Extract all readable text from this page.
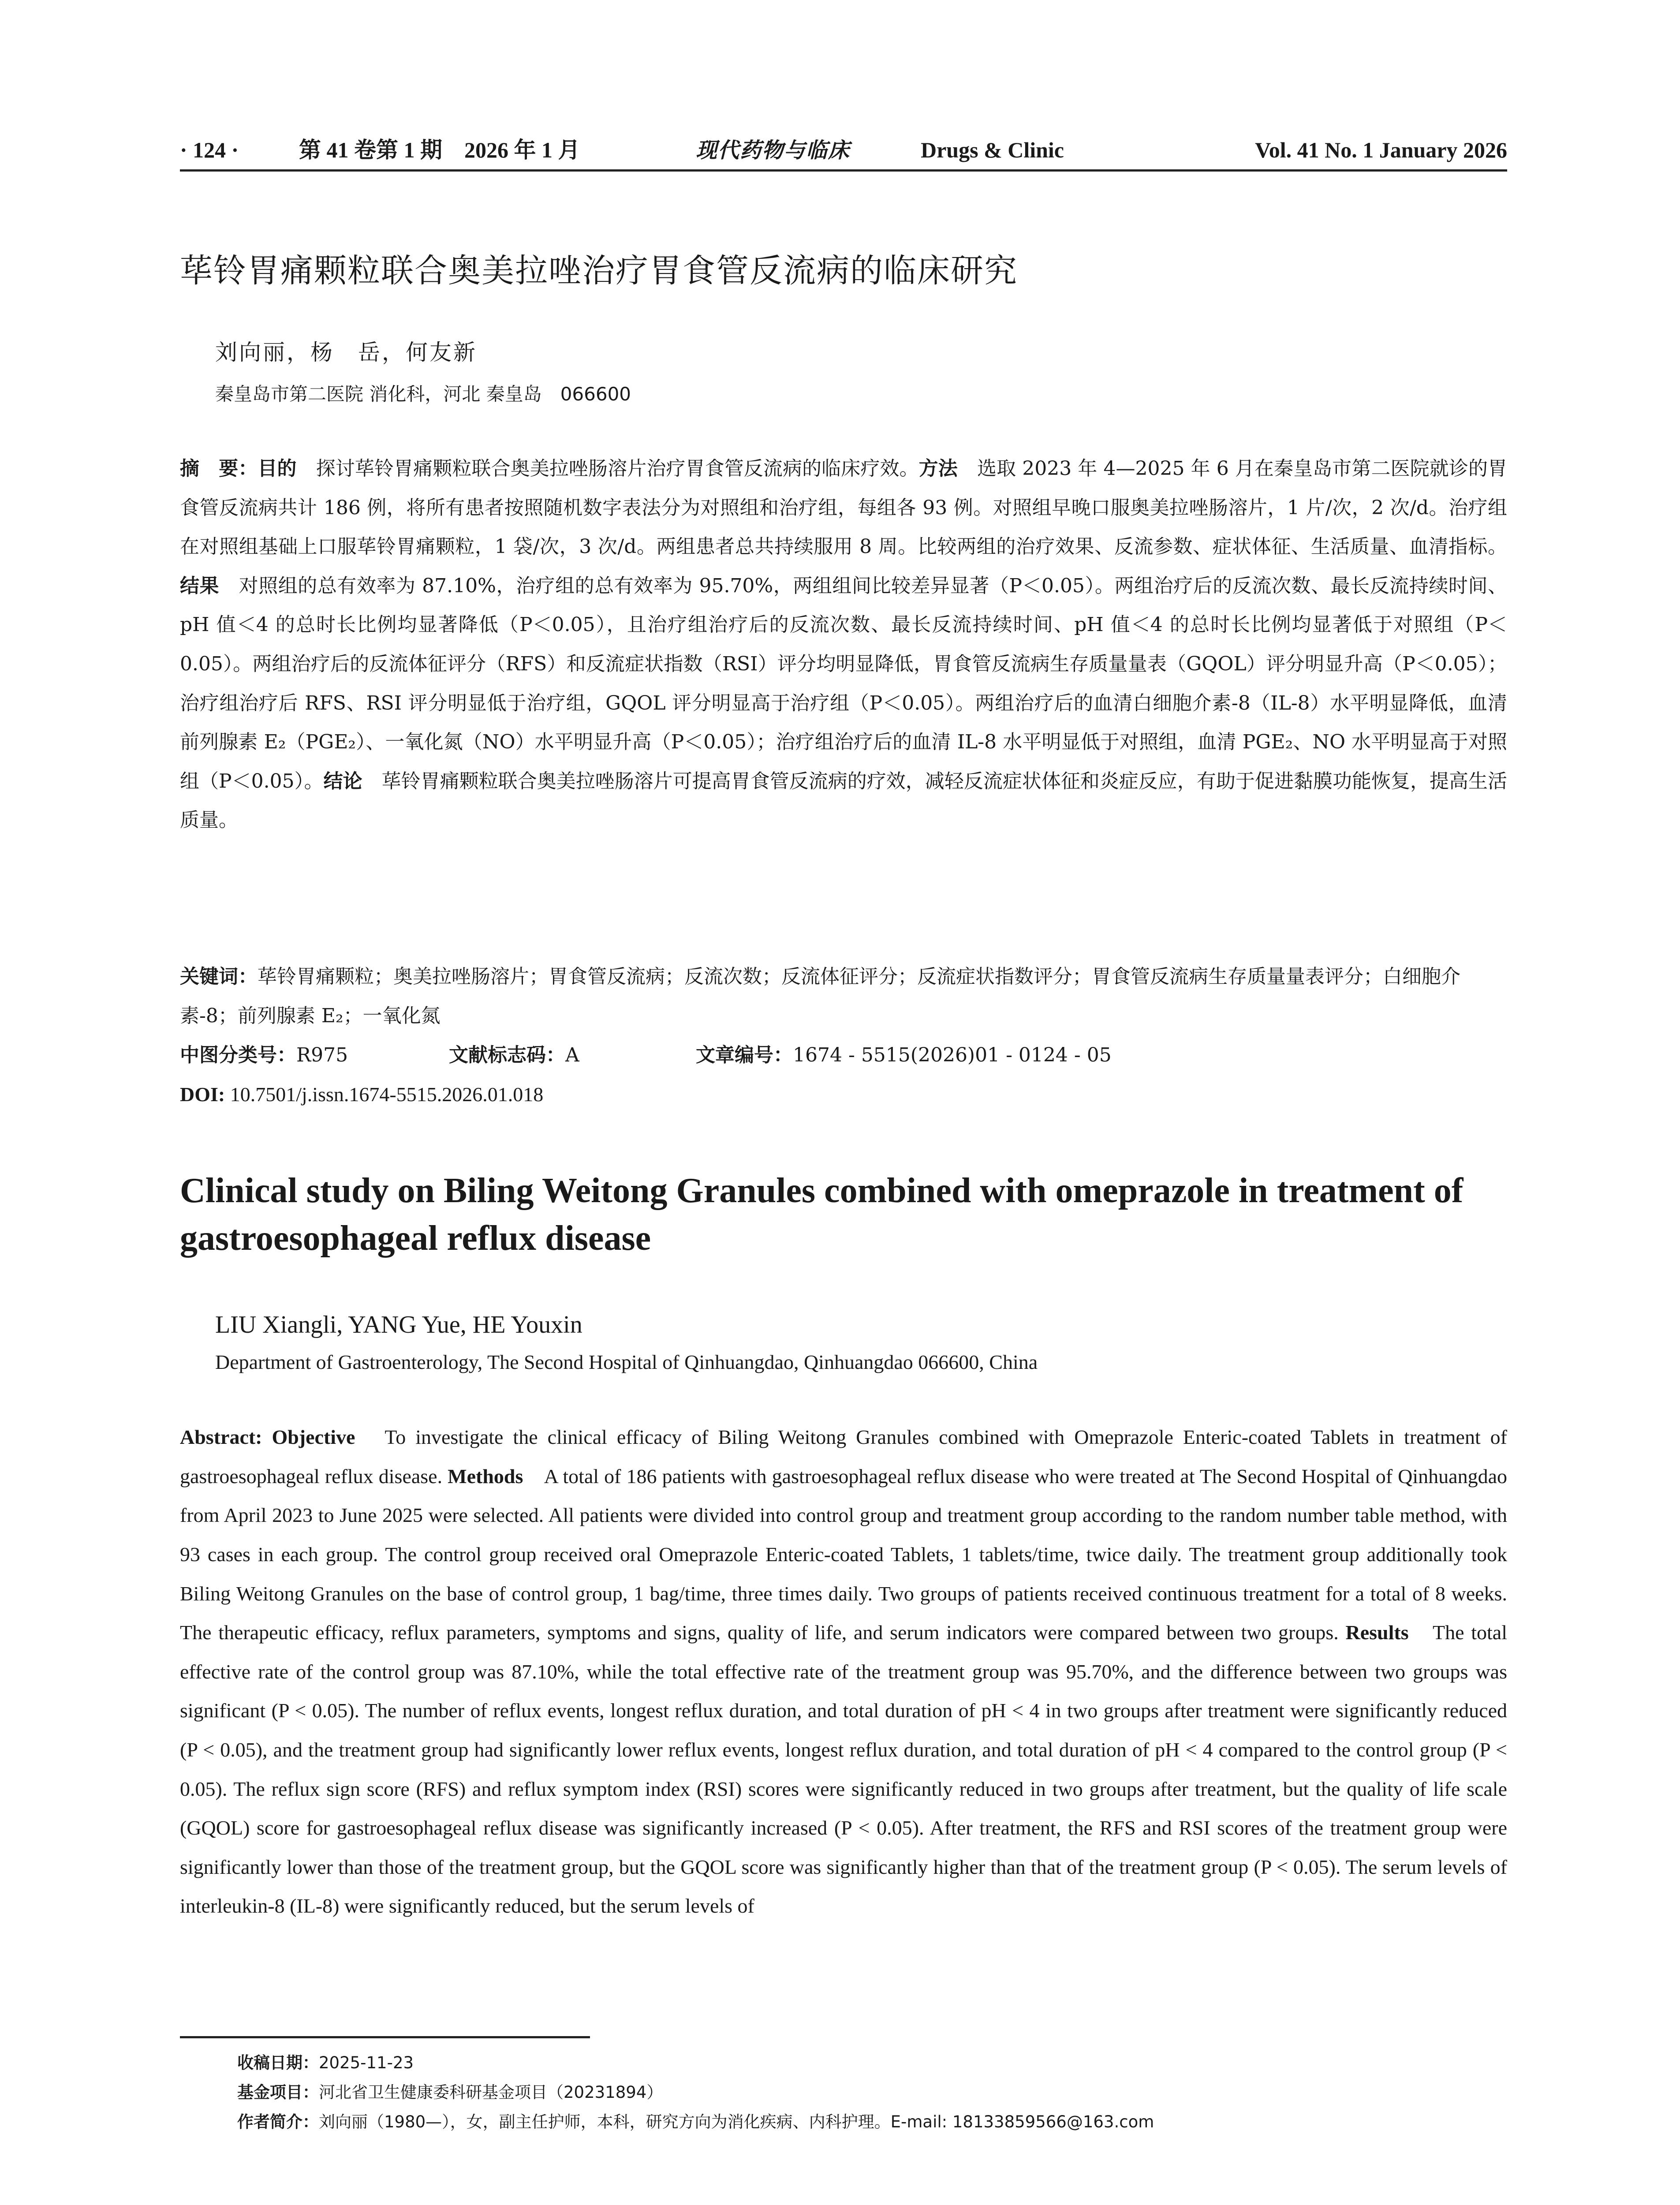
· 124 ·	第 41 卷第 1 期　2026 年 1 月	现代药物与临床	Drugs & Clinic	Vol. 41 No. 1 January 2026
荜铃胃痛颗粒联合奥美拉唑治疗胃食管反流病的临床研究
刘向丽，杨　岳，何友新
秦皇岛市第二医院 消化科，河北 秦皇岛　066600
摘　要：目的　探讨荜铃胃痛颗粒联合奥美拉唑肠溶片治疗胃食管反流病的临床疗效。方法　选取 2023 年 4—2025 年 6 月在秦皇岛市第二医院就诊的胃食管反流病共计 186 例，将所有患者按照随机数字表法分为对照组和治疗组，每组各 93 例。对照组早晚口服奥美拉唑肠溶片，1 片/次，2 次/d。治疗组在对照组基础上口服荜铃胃痛颗粒，1 袋/次，3 次/d。两组患者总共持续服用 8 周。比较两组的治疗效果、反流参数、症状体征、生活质量、血清指标。结果　对照组的总有效率为 87.10%，治疗组的总有效率为 95.70%，两组组间比较差异显著（P＜0.05）。两组治疗后的反流次数、最长反流持续时间、pH 值＜4 的总时长比例均显著降低（P＜0.05），且治疗组治疗后的反流次数、最长反流持续时间、pH 值＜4 的总时长比例均显著低于对照组（P＜0.05）。两组治疗后的反流体征评分（RFS）和反流症状指数（RSI）评分均明显降低，胃食管反流病生存质量量表（GQOL）评分明显升高（P＜0.05）；治疗组治疗后 RFS、RSI 评分明显低于治疗组，GQOL 评分明显高于治疗组（P＜0.05）。两组治疗后的血清白细胞介素-8（IL-8）水平明显降低，血清前列腺素 E₂（PGE₂）、一氧化氮（NO）水平明显升高（P＜0.05）；治疗组治疗后的血清 IL-8 水平明显低于对照组，血清 PGE₂、NO 水平明显高于对照组（P＜0.05）。结论　荜铃胃痛颗粒联合奥美拉唑肠溶片可提高胃食管反流病的疗效，减轻反流症状体征和炎症反应，有助于促进黏膜功能恢复，提高生活质量。
关键词：荜铃胃痛颗粒；奥美拉唑肠溶片；胃食管反流病；反流次数；反流体征评分；反流症状指数评分；胃食管反流病生存质量量表评分；白细胞介素-8；前列腺素 E₂；一氧化氮
中图分类号：R975	文献标志码：A	文章编号：1674 - 5515(2026)01 - 0124 - 05
DOI: 10.7501/j.issn.1674-5515.2026.01.018
Clinical study on Biling Weitong Granules combined with omeprazole in treatment of gastroesophageal reflux disease
LIU Xiangli, YANG Yue, HE Youxin
Department of Gastroenterology, The Second Hospital of Qinhuangdao, Qinhuangdao 066600, China
Abstract: Objective　To investigate the clinical efficacy of Biling Weitong Granules combined with Omeprazole Enteric-coated Tablets in treatment of gastroesophageal reflux disease. Methods　A total of 186 patients with gastroesophageal reflux disease who were treated at The Second Hospital of Qinhuangdao from April 2023 to June 2025 were selected. All patients were divided into control group and treatment group according to the random number table method, with 93 cases in each group. The control group received oral Omeprazole Enteric-coated Tablets, 1 tablets/time, twice daily. The treatment group additionally took Biling Weitong Granules on the base of control group, 1 bag/time, three times daily. Two groups of patients received continuous treatment for a total of 8 weeks. The therapeutic efficacy, reflux parameters, symptoms and signs, quality of life, and serum indicators were compared between two groups. Results　The total effective rate of the control group was 87.10%, while the total effective rate of the treatment group was 95.70%, and the difference between two groups was significant (P < 0.05). The number of reflux events, longest reflux duration, and total duration of pH < 4 in two groups after treatment were significantly reduced (P < 0.05), and the treatment group had significantly lower reflux events, longest reflux duration, and total duration of pH < 4 compared to the control group (P < 0.05). The reflux sign score (RFS) and reflux symptom index (RSI) scores were significantly reduced in two groups after treatment, but the quality of life scale (GQOL) score for gastroesophageal reflux disease was significantly increased (P < 0.05). After treatment, the RFS and RSI scores of the treatment group were significantly lower than those of the treatment group, but the GQOL score was significantly higher than that of the treatment group (P < 0.05). The serum levels of interleukin-8 (IL-8) were significantly reduced, but the serum levels of
收稿日期：2025-11-23
基金项目：河北省卫生健康委科研基金项目（20231894）
作者简介：刘向丽（1980—），女，副主任护师，本科，研究方向为消化疾病、内科护理。E-mail: 18133859566@163.com
